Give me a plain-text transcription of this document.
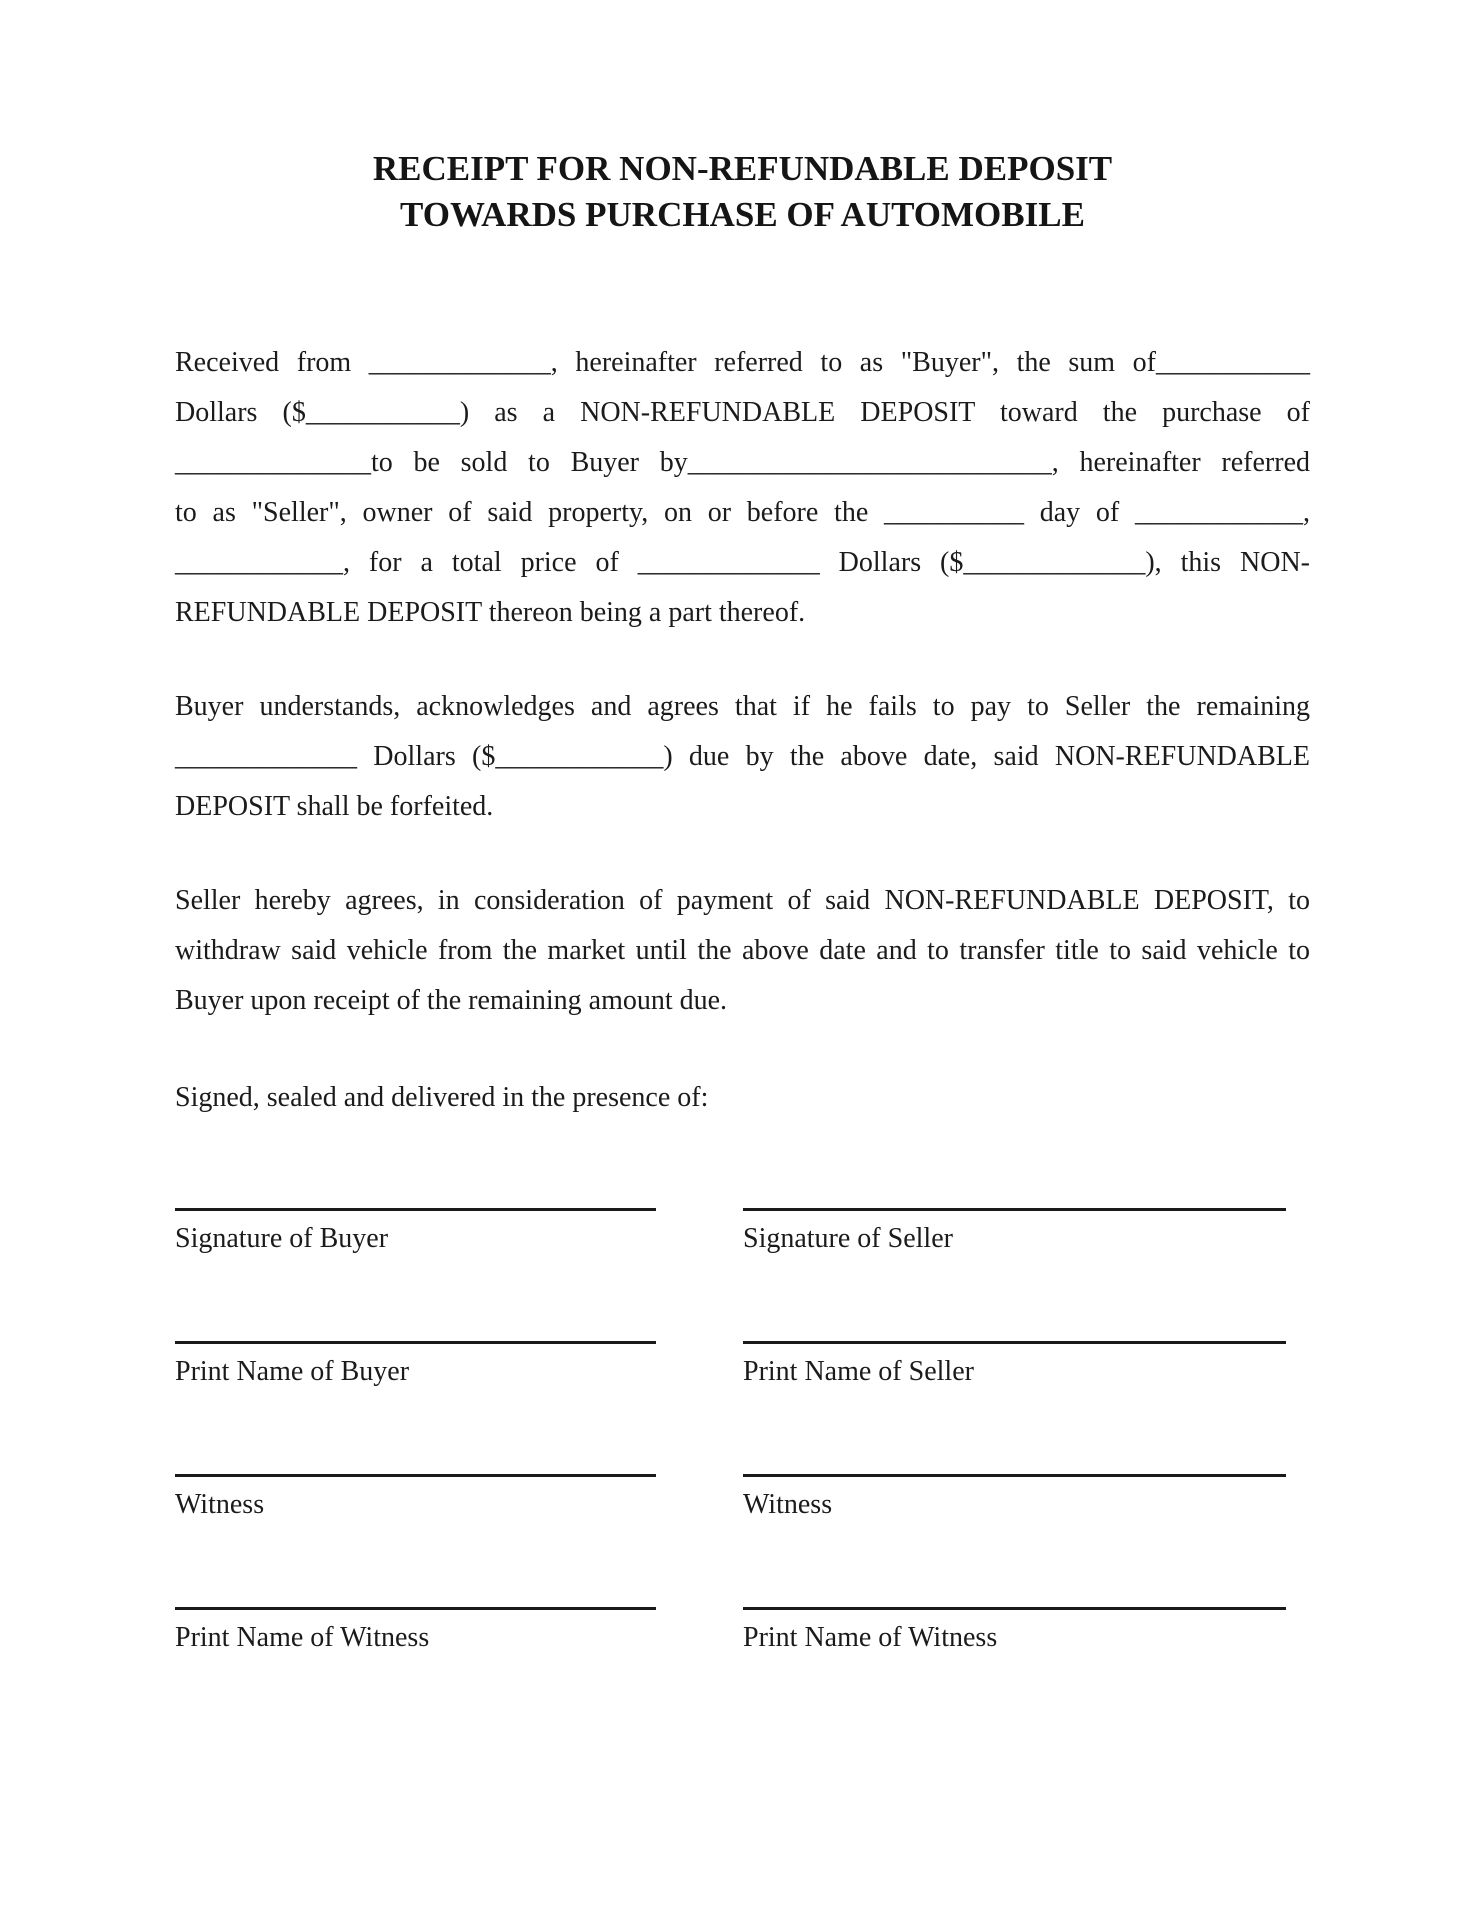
RECEIPT FOR NON-REFUNDABLE DEPOSIT
TOWARDS PURCHASE OF AUTOMOBILE
Received from _____________, hereinafter referred to as "Buyer", the sum of___________
Dollars ($___________) as a NON-REFUNDABLE DEPOSIT toward the purchase of
______________to be sold to Buyer by__________________________, hereinafter referred
to as "Seller", owner of said property, on or before the __________ day of ____________,
____________, for a total price of _____________ Dollars ($_____________), this NON-
REFUNDABLE DEPOSIT thereon being a part thereof.
Buyer understands, acknowledges and agrees that if he fails to pay to Seller the remaining
_____________ Dollars ($____________) due by the above date, said NON-REFUNDABLE
DEPOSIT shall be forfeited.
Seller hereby agrees, in consideration of payment of said NON-REFUNDABLE DEPOSIT, to
withdraw said vehicle from the market until the above date and to transfer title to said vehicle to
Buyer upon receipt of the remaining amount due.
Signed, sealed and delivered in the presence of:
Signature of Buyer	Signature of Seller
Print Name of Buyer	Print Name of Seller
Witness	Witness
Print Name of Witness	Print Name of Witness
